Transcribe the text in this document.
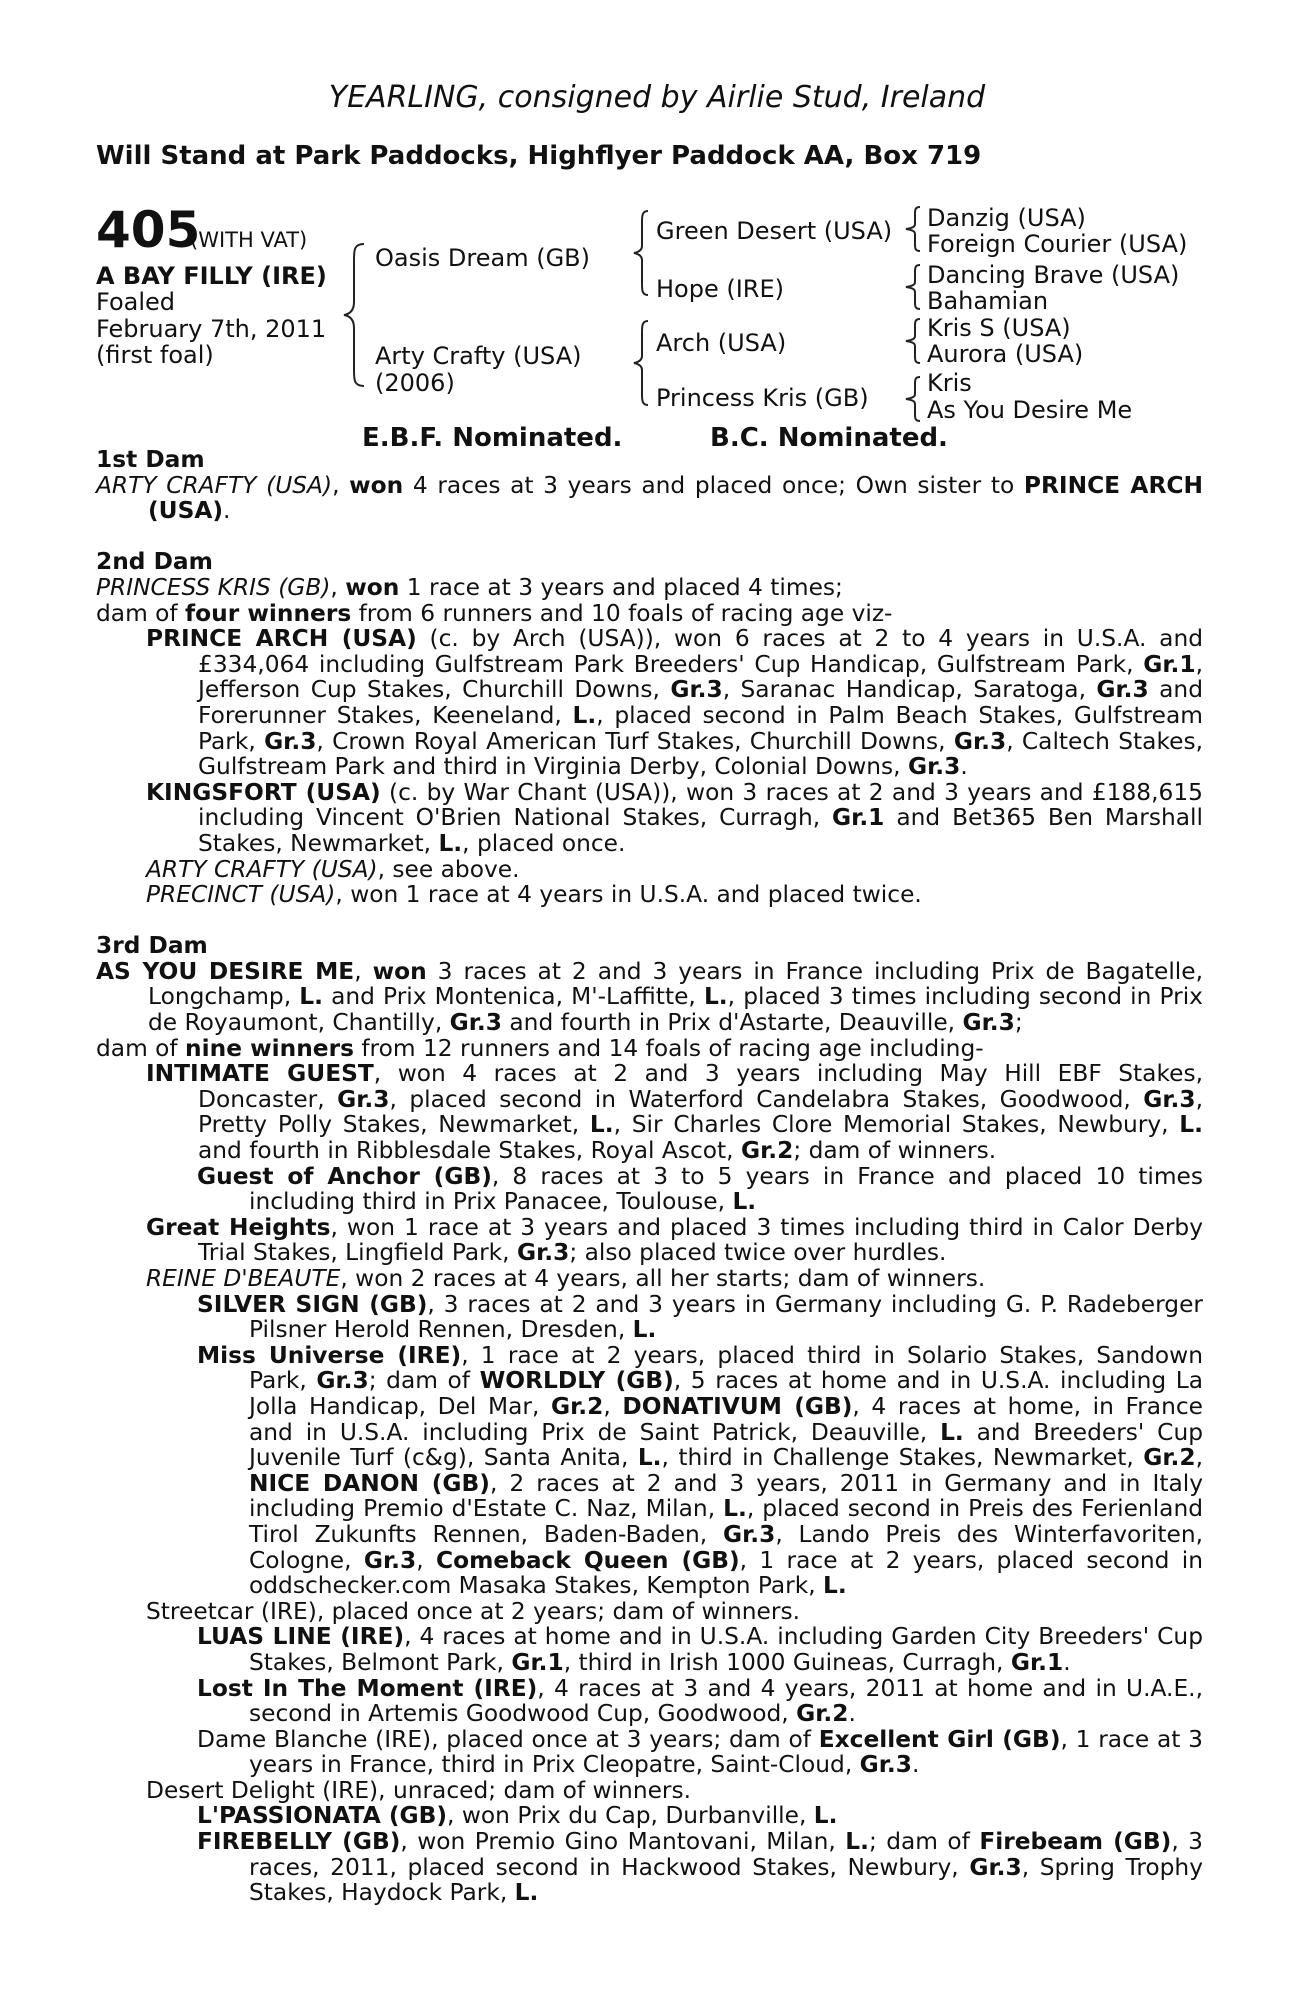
YEARLING, consigned by Airlie Stud, Ireland
Will Stand at Park Paddocks, Highflyer Paddock AA, Box 719
405
(WITH VAT)
A BAY FILLY (IRE)
Foaled
February 7th, 2011
(first foal)
Oasis Dream (GB)
Arty Crafty (USA)
(2006)
Green Desert (USA)
Hope (IRE)
Arch (USA)
Princess Kris (GB)
Danzig (USA)
Foreign Courier (USA)
Dancing Brave (USA)
Bahamian
Kris S (USA)
Aurora (USA)
Kris
As You Desire Me
E.B.F. Nominated.	B.C. Nominated.

1st Dam

ARTY CRAFTY (USA), won 4 races at 3 years and placed once; Own sister to PRINCE ARCH (USA).

2nd Dam

PRINCESS KRIS (GB), won 1 race at 3 years and placed 4 times;

dam of four winners from 6 runners and 10 foals of racing age viz-

PRINCE ARCH (USA) (c. by Arch (USA)), won 6 races at 2 to 4 years in U.S.A. and £334,064 including Gulfstream Park Breeders' Cup Handicap, Gulfstream Park, Gr.1, Jefferson Cup Stakes, Churchill Downs, Gr.3, Saranac Handicap, Saratoga, Gr.3 and Forerunner Stakes, Keeneland, L., placed second in Palm Beach Stakes, Gulfstream Park, Gr.3, Crown Royal American Turf Stakes, Churchill Downs, Gr.3, Caltech Stakes, Gulfstream Park and third in Virginia Derby, Colonial Downs, Gr.3.

KINGSFORT (USA) (c. by War Chant (USA)), won 3 races at 2 and 3 years and £188,615 including Vincent O'Brien National Stakes, Curragh, Gr.1 and Bet365 Ben Marshall Stakes, Newmarket, L., placed once.

ARTY CRAFTY (USA), see above.

PRECINCT (USA), won 1 race at 4 years in U.S.A. and placed twice.

3rd Dam

AS YOU DESIRE ME, won 3 races at 2 and 3 years in France including Prix de Bagatelle, Longchamp, L. and Prix Montenica, M'-Laffitte, L., placed 3 times including second in Prix de Royaumont, Chantilly, Gr.3 and fourth in Prix d'Astarte, Deauville, Gr.3;

dam of nine winners from 12 runners and 14 foals of racing age including-

INTIMATE GUEST, won 4 races at 2 and 3 years including May Hill EBF Stakes, Doncaster, Gr.3, placed second in Waterford Candelabra Stakes, Goodwood, Gr.3, Pretty Polly Stakes, Newmarket, L., Sir Charles Clore Memorial Stakes, Newbury, L. and fourth in Ribblesdale Stakes, Royal Ascot, Gr.2; dam of winners.

Guest of Anchor (GB), 8 races at 3 to 5 years in France and placed 10 times including third in Prix Panacee, Toulouse, L.

Great Heights, won 1 race at 3 years and placed 3 times including third in Calor Derby Trial Stakes, Lingfield Park, Gr.3; also placed twice over hurdles.

REINE D'BEAUTE, won 2 races at 4 years, all her starts; dam of winners.

SILVER SIGN (GB), 3 races at 2 and 3 years in Germany including G. P. Radeberger Pilsner Herold Rennen, Dresden, L.

Miss Universe (IRE), 1 race at 2 years, placed third in Solario Stakes, Sandown Park, Gr.3; dam of WORLDLY (GB), 5 races at home and in U.S.A. including La Jolla Handicap, Del Mar, Gr.2, DONATIVUM (GB), 4 races at home, in France and in U.S.A. including Prix de Saint Patrick, Deauville, L. and Breeders' Cup Juvenile Turf (c&g), Santa Anita, L., third in Challenge Stakes, Newmarket, Gr.2, NICE DANON (GB), 2 races at 2 and 3 years, 2011 in Germany and in Italy including Premio d'Estate C. Naz, Milan, L., placed second in Preis des Ferienland Tirol Zukunfts Rennen, Baden-Baden, Gr.3, Lando Preis des Winterfavoriten, Cologne, Gr.3, Comeback Queen (GB), 1 race at 2 years, placed second in oddschecker.com Masaka Stakes, Kempton Park, L.

Streetcar (IRE), placed once at 2 years; dam of winners.

LUAS LINE (IRE), 4 races at home and in U.S.A. including Garden City Breeders' Cup Stakes, Belmont Park, Gr.1, third in Irish 1000 Guineas, Curragh, Gr.1.

Lost In The Moment (IRE), 4 races at 3 and 4 years, 2011 at home and in U.A.E., second in Artemis Goodwood Cup, Goodwood, Gr.2.

Dame Blanche (IRE), placed once at 3 years; dam of Excellent Girl (GB), 1 race at 3 years in France, third in Prix Cleopatre, Saint-Cloud, Gr.3.

Desert Delight (IRE), unraced; dam of winners.

L'PASSIONATA (GB), won Prix du Cap, Durbanville, L.

FIREBELLY (GB), won Premio Gino Mantovani, Milan, L.; dam of Firebeam (GB), 3 races, 2011, placed second in Hackwood Stakes, Newbury, Gr.3, Spring Trophy Stakes, Haydock Park, L.
